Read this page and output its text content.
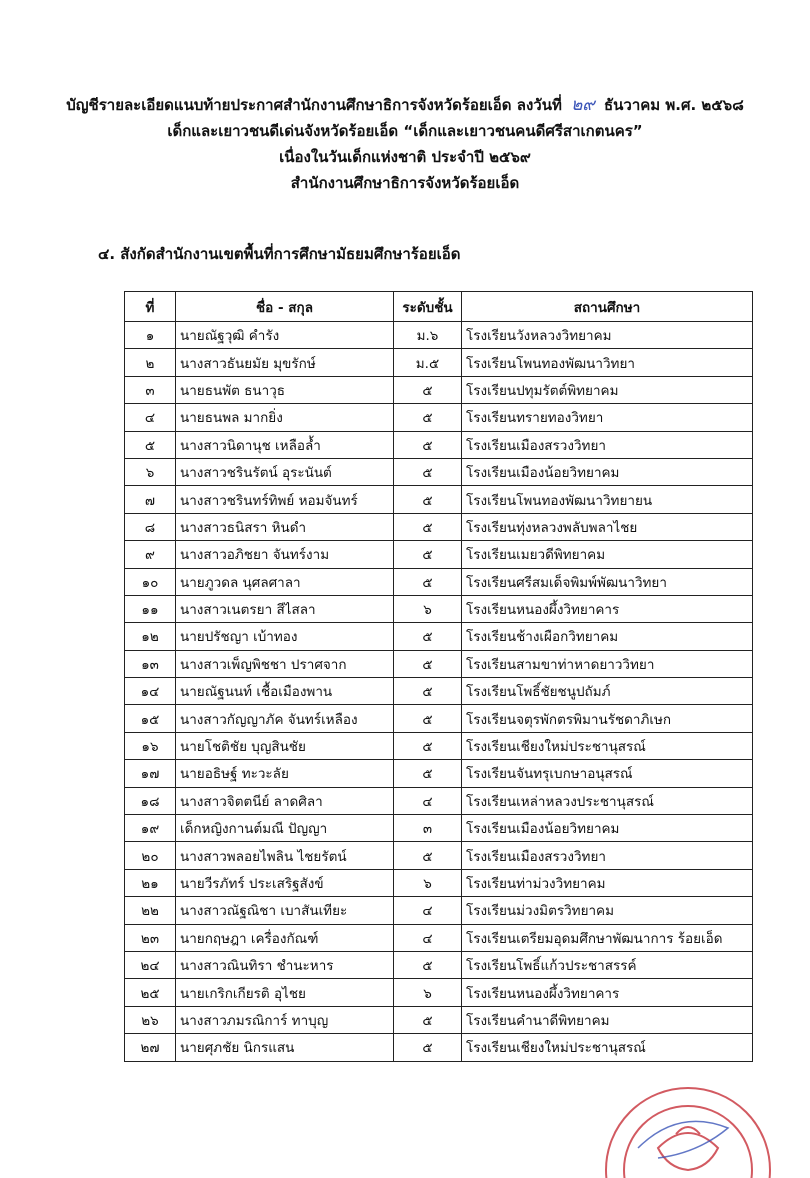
บัญชีรายละเอียดแนบท้ายประกาศสำนักงานศึกษาธิการจังหวัดร้อยเอ็ด ลงวันที่ ๒๙ ธันวาคม พ.ศ. ๒๕๖๘
เด็กและเยาวชนดีเด่นจังหวัดร้อยเอ็ด “เด็กและเยาวชนคนดีศรีสาเกตนคร”
เนื่องในวันเด็กแห่งชาติ ประจำปี ๒๕๖๙
สำนักงานศึกษาธิการจังหวัดร้อยเอ็ด
๔. สังกัดสำนักงานเขตพื้นที่การศึกษามัธยมศึกษาร้อยเอ็ด
ที่	ชื่อ - สกุล	ระดับชั้น	สถานศึกษา
๑	นายณัฐวุฒิ คำรัง	ม.๖	โรงเรียนวังหลวงวิทยาคม
๒	นางสาวธันยมัย มุขรักษ์	ม.๕	โรงเรียนโพนทองพัฒนาวิทยา
๓	นายธนพัต ธนาวุธ	๕	โรงเรียนปทุมรัตต์พิทยาคม
๔	นายธนพล มากยิ่ง	๕	โรงเรียนทรายทองวิทยา
๕	นางสาวนิดานุช เหลือล้ำ	๕	โรงเรียนเมืองสรวงวิทยา
๖	นางสาวชรินรัตน์ อุระนันต์	๕	โรงเรียนเมืองน้อยวิทยาคม
๗	นางสาวชรินทร์ทิพย์ หอมจันทร์	๕	โรงเรียนโพนทองพัฒนาวิทยายน
๘	นางสาวธนิสรา หินดำ	๕	โรงเรียนทุ่งหลวงพลับพลาไชย
๙	นางสาวอภิชยา จันทร์งาม	๕	โรงเรียนเมยวดีพิทยาคม
๑๐	นายภูวดล นุศลศาลา	๕	โรงเรียนศรีสมเด็จพิมพ์พัฒนาวิทยา
๑๑	นางสาวเนตรยา สีไสลา	๖	โรงเรียนหนองผึ้งวิทยาคาร
๑๒	นายปรัชญา เบ้าทอง	๕	โรงเรียนช้างเผือกวิทยาคม
๑๓	นางสาวเพ็ญพิชชา ปราศจาก	๕	โรงเรียนสามขาท่าหาดยาววิทยา
๑๔	นายณัฐนนท์ เชื้อเมืองพาน	๕	โรงเรียนโพธิ์ชัยชนูปถัมภ์
๑๕	นางสาวกัญญาภัค จันทร์เหลือง	๕	โรงเรียนจตุรพักตรพิมานรัชดาภิเษก
๑๖	นายโชติชัย บุญสินชัย	๕	โรงเรียนเชียงใหม่ประชานุสรณ์
๑๗	นายอธิษฐ์ ทะวะลัย	๕	โรงเรียนจันทรุเบกษาอนุสรณ์
๑๘	นางสาวจิตตนีย์ ลาดศิลา	๔	โรงเรียนเหล่าหลวงประชานุสรณ์
๑๙	เด็กหญิงกานต์มณี ปัญญา	๓	โรงเรียนเมืองน้อยวิทยาคม
๒๐	นางสาวพลอยไพลิน ไชยรัตน์	๕	โรงเรียนเมืองสรวงวิทยา
๒๑	นายวีรภัทร์ ประเสริฐสังข์	๖	โรงเรียนท่าม่วงวิทยาคม
๒๒	นางสาวณัฐณิชา เบาสันเทียะ	๔	โรงเรียนม่วงมิตรวิทยาคม
๒๓	นายกฤษฎา เครื่องกัณฑ์	๔	โรงเรียนเตรียมอุดมศึกษาพัฒนาการ ร้อยเอ็ด
๒๔	นางสาวณินทิรา ชำนะหาร	๕	โรงเรียนโพธิ์แก้วประชาสรรค์
๒๕	นายเกริกเกียรติ อุไชย	๖	โรงเรียนหนองผึ้งวิทยาคาร
๒๖	นางสาวภมรณิการ์ ทาบุญ	๕	โรงเรียนคำนาดีพิทยาคม
๒๗	นายศุภชัย นิกรแสน	๕	โรงเรียนเชียงใหม่ประชานุสรณ์
